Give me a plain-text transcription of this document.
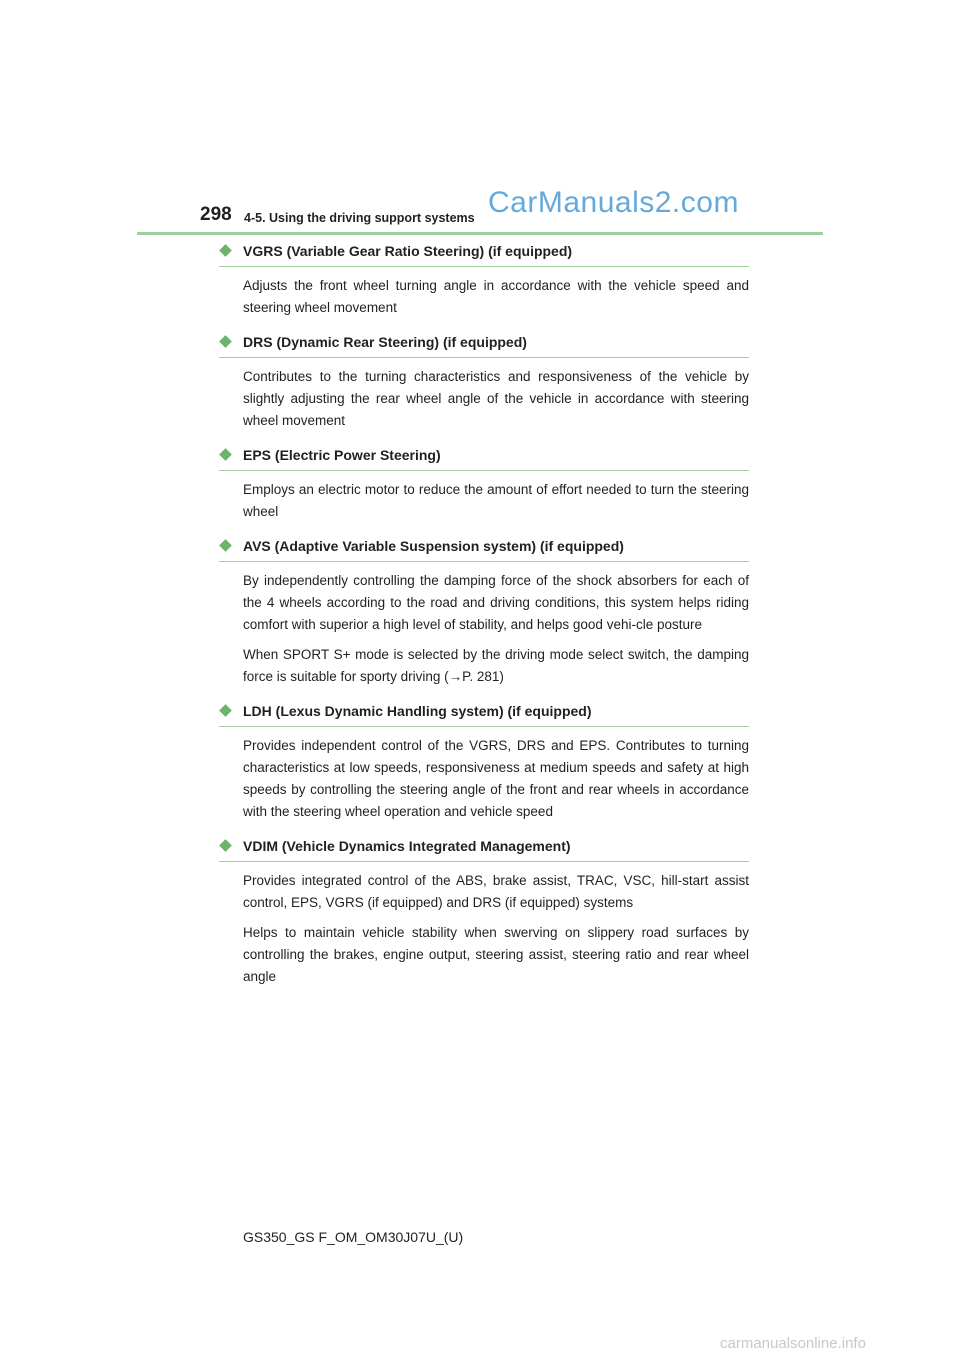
298 4-5. Using the driving support systems CarManuals2.com
VGRS (Variable Gear Ratio Steering) (if equipped)

Adjusts the front wheel turning angle in accordance with the vehicle speed and steering wheel movement

DRS (Dynamic Rear Steering) (if equipped)

Contributes to the turning characteristics and responsiveness of the vehicle by slightly adjusting the rear wheel angle of the vehicle in accordance with steering wheel movement

EPS (Electric Power Steering)

Employs an electric motor to reduce the amount of effort needed to turn the steering wheel

AVS (Adaptive Variable Suspension system) (if equipped)

By independently controlling the damping force of the shock absorbers for each of the 4 wheels according to the road and driving conditions, this system helps riding comfort with superior a high level of stability, and helps good vehi-cle posture

When SPORT S+ mode is selected by the driving mode select switch, the damping force is suitable for sporty driving (→P. 281)

LDH (Lexus Dynamic Handling system) (if equipped)

Provides independent control of the VGRS, DRS and EPS. Contributes to turning characteristics at low speeds, responsiveness at medium speeds and safety at high speeds by controlling the steering angle of the front and rear wheels in accordance with the steering wheel operation and vehicle speed

VDIM (Vehicle Dynamics Integrated Management)

Provides integrated control of the ABS, brake assist, TRAC, VSC, hill-start assist control, EPS, VGRS (if equipped) and DRS (if equipped) systems

Helps to maintain vehicle stability when swerving on slippery road surfaces by controlling the brakes, engine output, steering assist, steering ratio and rear wheel angle

GS350_GS F_OM_OM30J07U_(U)
carmanualsonline.info
